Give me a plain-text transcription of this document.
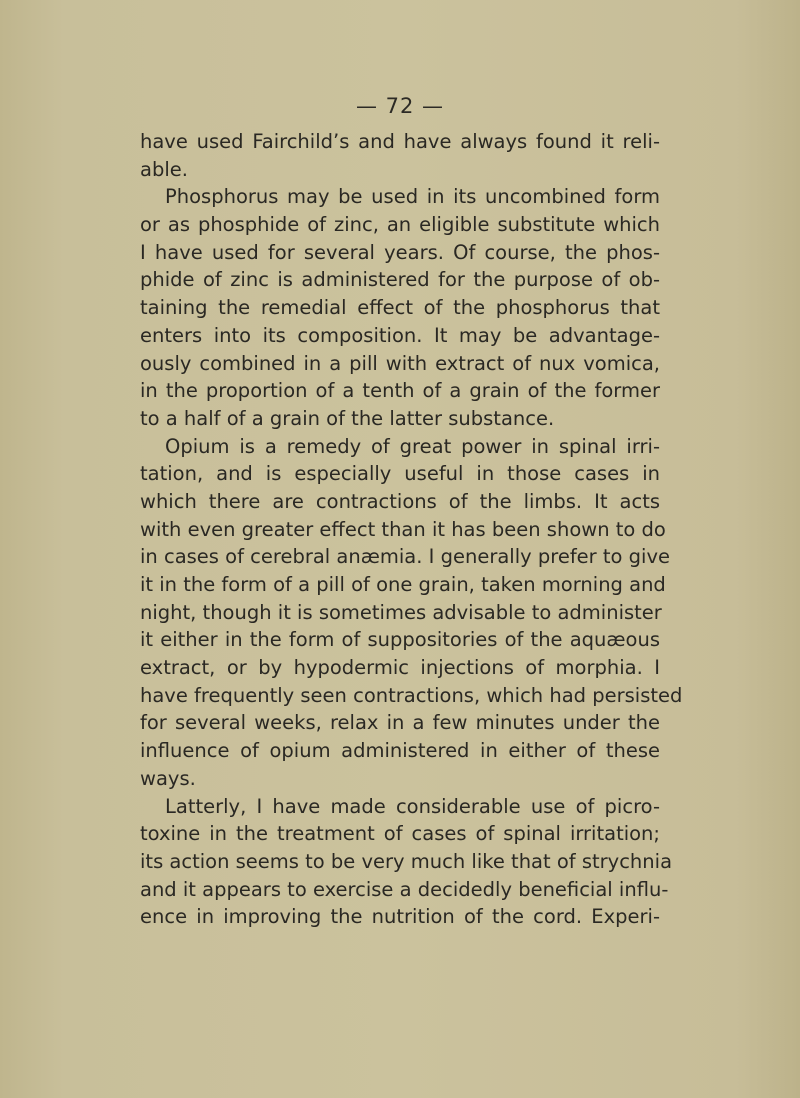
— 72 —
have used Fairchild’s and have always found it reli-
able.
Phosphorus may be used in its uncombined form
or as phosphide of zinc, an eligible substitute which
I have used for several years. Of course, the phos-
phide of zinc is administered for the purpose of ob-
taining the remedial effect of the phosphorus that
enters into its composition. It may be advantage-
ously combined in a pill with extract of nux vomica,
in the proportion of a tenth of a grain of the former
to a half of a grain of the latter substance.
Opium is a remedy of great power in spinal irri-
tation, and is especially useful in those cases in
which there are contractions of the limbs. It acts
with even greater effect than it has been shown to do
in cases of cerebral anæmia. I generally prefer to give
it in the form of a pill of one grain, taken morning and
night, though it is sometimes advisable to administer
it either in the form of suppositories of the aquæous
extract, or by hypodermic injections of morphia. I
have frequently seen contractions, which had persisted
for several weeks, relax in a few minutes under the
influence of opium administered in either of these
ways.
Latterly, I have made considerable use of picro-
toxine in the treatment of cases of spinal irritation;
its action seems to be very much like that of strychnia
and it appears to exercise a decidedly beneficial influ-
ence in improving the nutrition of the cord. Experi-
